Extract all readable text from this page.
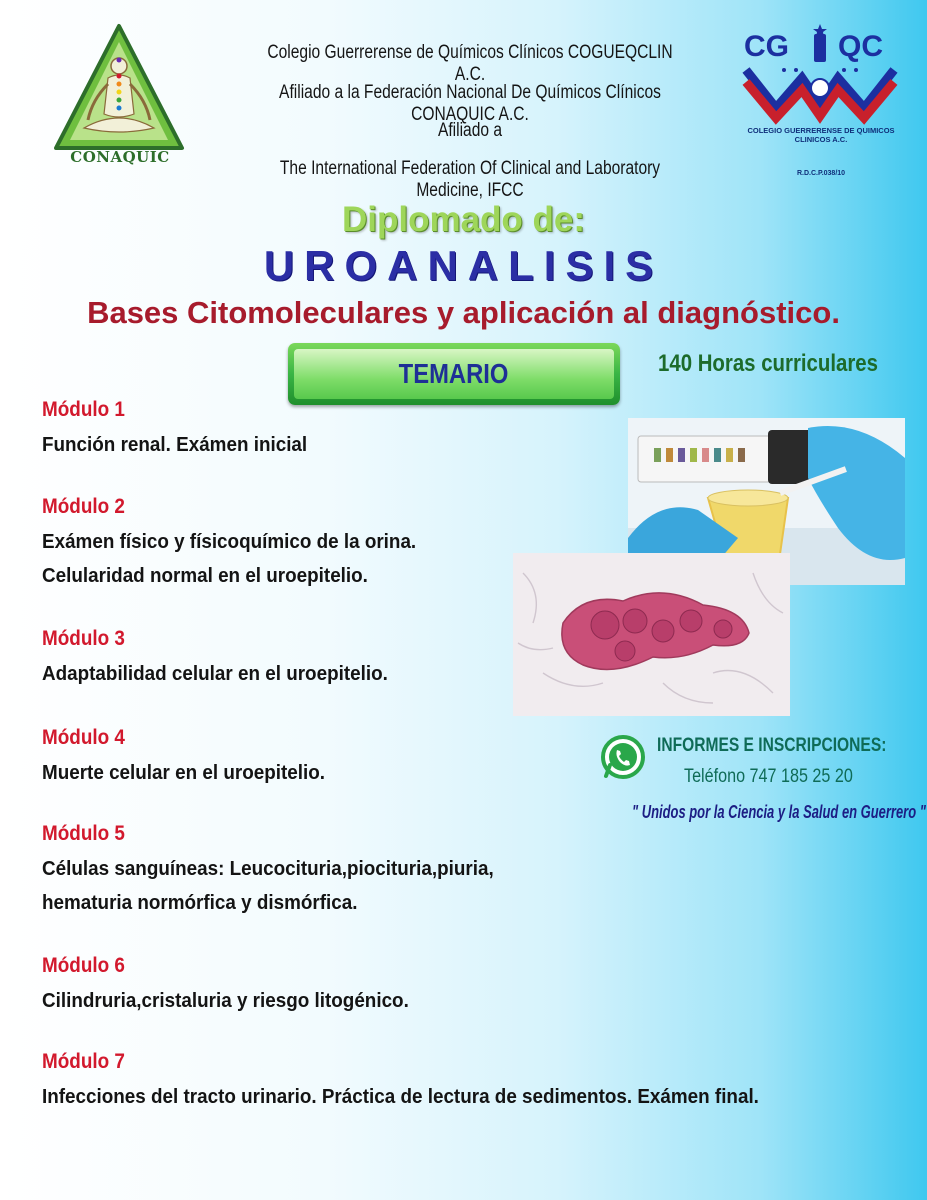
CONAQUIC
Colegio Guerrerense de Químicos Clínicos COGUEQCLIN A.C.
Afiliado a la Federación Nacional De Químicos Clínicos CONAQUIC A.C.
Afiliado a
The International Federation Of Clinical and Laboratory Medicine, IFCC
CG QC
COLEGIO GUERRERENSE DE QUIMICOS CLINICOS A.C.
R.D.C.P.038/10
Diplomado de:
UROANALISIS
Bases Citomoleculares y aplicación al diagnóstico.
TEMARIO	140 Horas curriculares
Módulo 1
Función renal. Exámen inicial
Módulo 2
Exámen físico y físicoquímico de la orina.
Celularidad normal en el uroepitelio.
Módulo 3
Adaptabilidad celular en el uroepitelio.
Módulo 4
Muerte celular en el uroepitelio.
Módulo 5
Células sanguíneas: Leucocituria,piocituria,piuria,
hematuria normórfica y dismórfica.
Módulo 6
Cilindruria,cristaluria y riesgo litogénico.
Módulo 7
Infecciones del tracto urinario. Práctica de lectura de sedimentos. Exámen final.
INFORMES E INSCRIPCIONES:
Teléfono 747 185 25 20
" Unidos por la Ciencia y la Salud en Guerrero "
